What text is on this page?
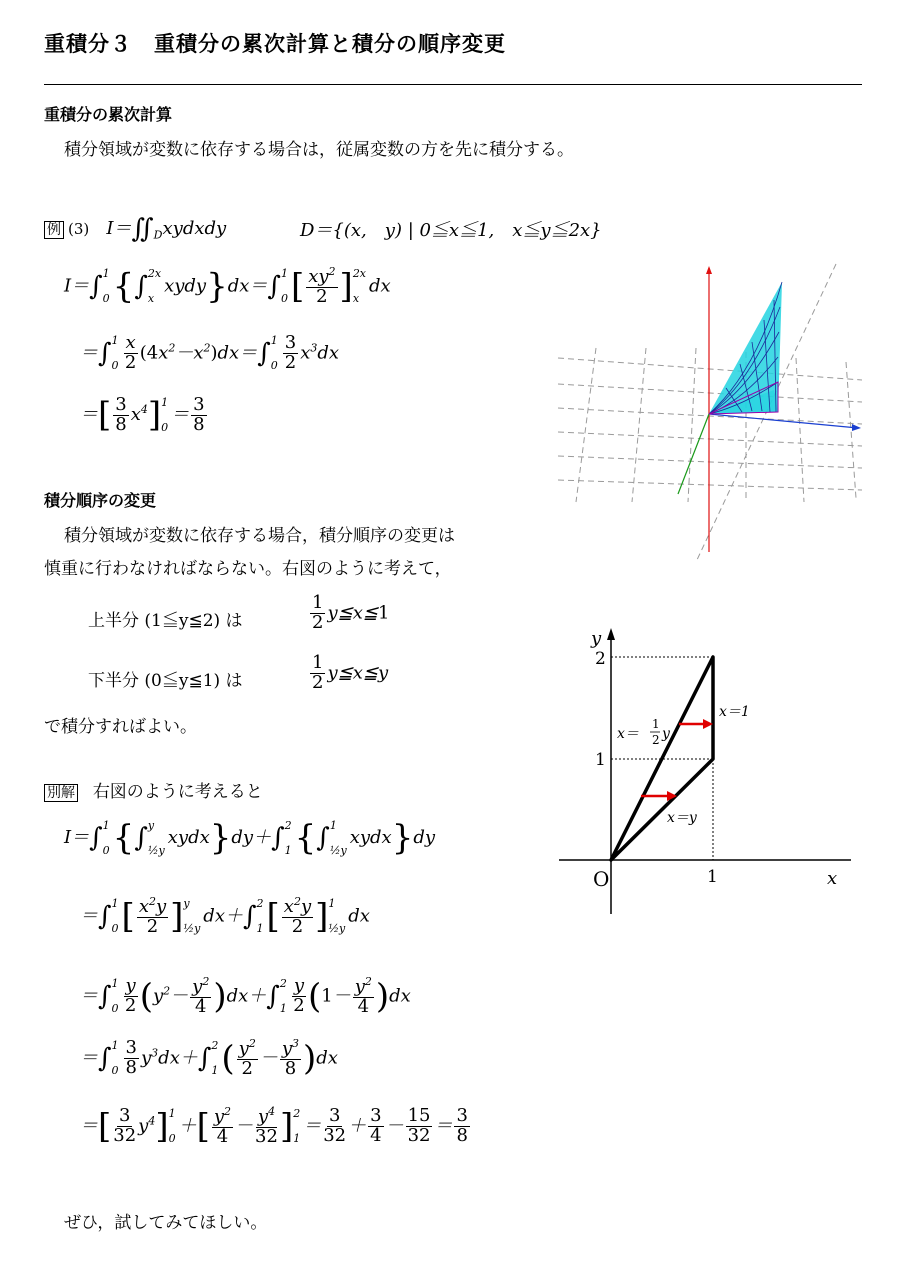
重積分３　重積分の累次計算と積分の順序変更
重積分の累次計算
積分領域が変数に依存する場合は，従属変数の方を先に積分する。
例 (3)   $I=∬_Dxydxdy$	D＝{(x,　y) | 0≦x≦1,　x≦y≦2x}
I＝∫ 1
0 {∫ 2x
x
xydy}dx＝∫ 1
0 [ $\frac{xy^2}{2}$ ] 2x
x
dx
＝∫ 1
$0 \frac{x}{2} (4x^2-x^2)dx=\int$ 1
$0 \frac{3}{2} x^3dx$
＝[ $\frac{3}{8} x^4$] 1
0
＝ $\frac{3}{8}$
積分順序の変更
積分領域が変数に依存する場合，積分順序の変更は
慎重に行わなければならない。右図のように考えて，
上半分 (1≦y≦2) は	$\frac{1}{2}$ y≦x≦1
下半分 (0≦y≦1) は	$\frac{1}{2}$ y≦x≦y
で積分すればよい。
y
x
O	1
1
2
x＝1
x＝y
x＝
1
2 y
別解 右図のように考えると
I＝∫ 1
0 {∫ y
½y
xydx}dy＋∫ 2
1 {∫ 1
½y
xydx}dy
＝∫ 1
0 [ $\frac{x^2y}{2}$ ] y
½y
dx＋∫ 2
1 [ $\frac{x^2y}{2}$ ] 1
½y
dx
＝∫ 1
$0 \frac{y}{2} (y^2- \frac{y^2}{4} )dx+\int$ 2
$1 \frac{y}{2} (1- \frac{y^2}{4} )dx$
＝∫ 1
$0 \frac{3}{8} y^3dx+\int$ 2
1 ( $\frac{y^2}{2} - \frac{y^3}{8} )dx$
＝[ $\frac{3}{32} y^4$] 1
0
＋[ $\frac{y^2}{4} - \frac{y^4}{32}$ ] 2
1
＝ $\frac{3}{32} + \frac{3}{4} - \frac{15}{32} = \frac{3}{8}$
ぜひ，試してみてほしい。
